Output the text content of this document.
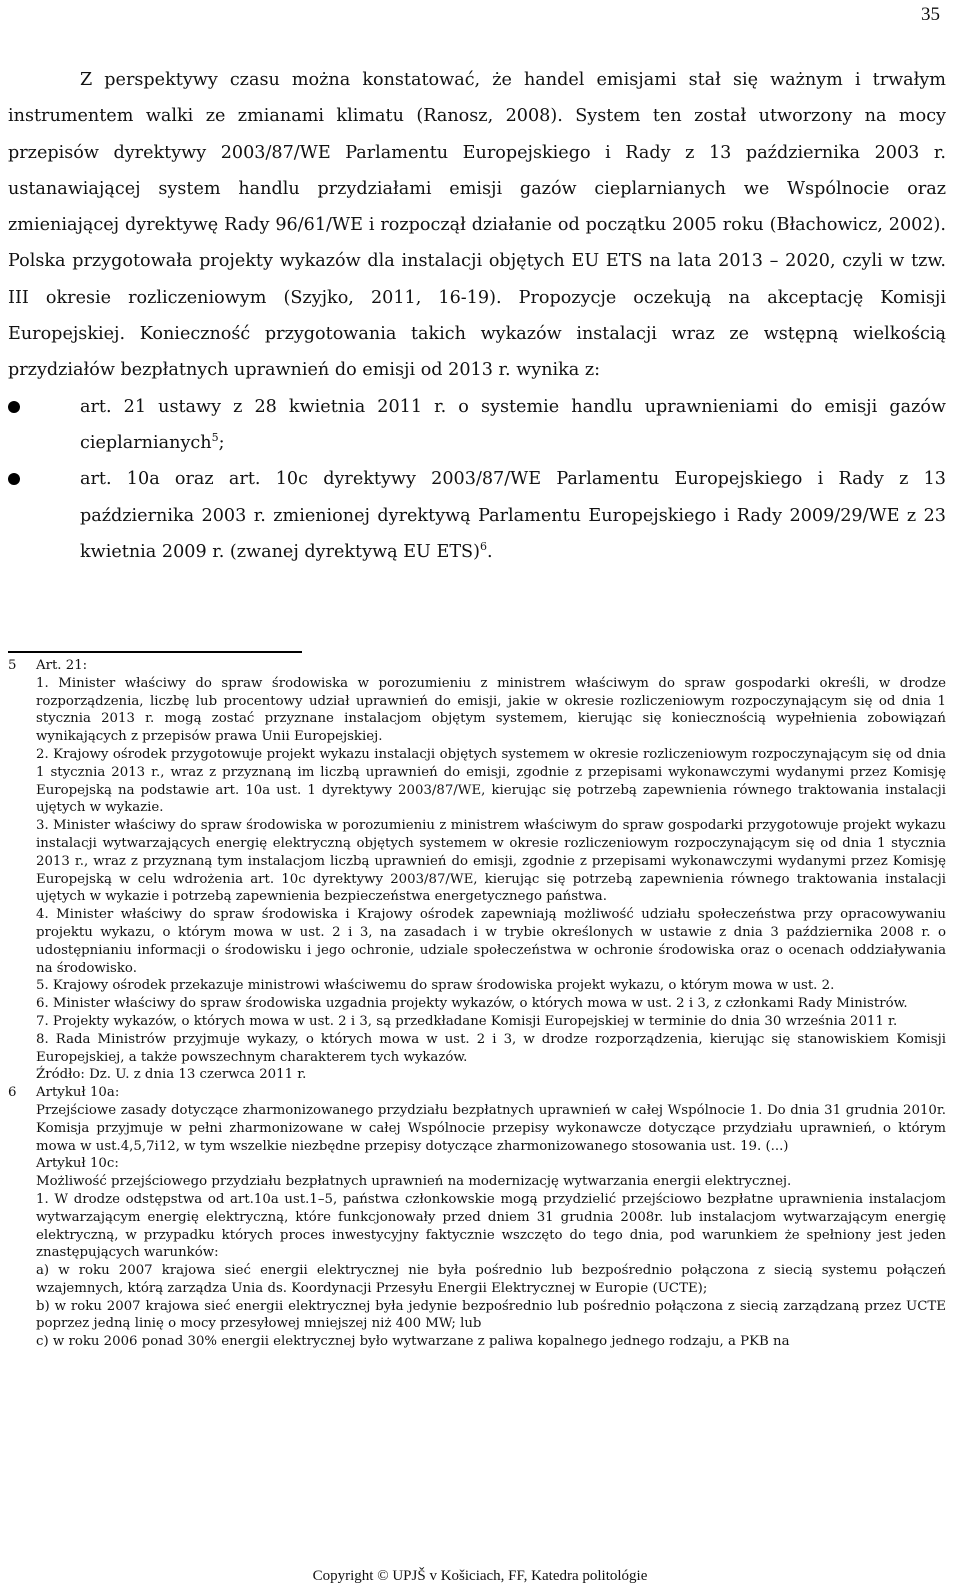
35

Z perspektywy czasu można konstatować, że handel emisjami stał się ważnym i trwałym instrumentem walki ze zmianami klimatu (Ranosz, 2008). System ten został utworzony na mocy przepisów dyrektywy 2003/87/WE Parlamentu Europejskiego i Rady z 13 października 2003 r. ustanawiającej system handlu przydziałami emisji gazów cieplarnianych we Wspólnocie oraz zmieniającej dyrektywę Rady 96/61/WE i rozpoczął działanie od początku 2005 roku (Błachowicz, 2002). Polska przygotowała projekty wykazów dla instalacji objętych EU ETS na lata 2013 – 2020, czyli w tzw. III okresie rozliczeniowym (Szyjko, 2011, 16-19). Propozycje oczekują na akceptację Komisji Europejskiej. Konieczność przygotowania takich wykazów instalacji wraz ze wstępną wielkością przydziałów bezpłatnych uprawnień do emisji od 2013 r. wynika z:

art. 21 ustawy z 28 kwietnia 2011 r. o systemie handlu uprawnieniami do emisji gazów cieplarnianych$^5$;
art. 10a oraz art. 10c dyrektywy 2003/87/WE Parlamentu Europejskiego i Rady z 13 października 2003 r. zmienionej dyrektywą Parlamentu Europejskiego i Rady 2009/29/WE z 23 kwietnia 2009 r. (zwanej dyrektywą EU ETS)$^6$.
5 Art. 21:
1. Minister właściwy do spraw środowiska w porozumieniu z ministrem właściwym do spraw gospodarki określi, w drodze rozporządzenia, liczbę lub procentowy udział uprawnień do emisji, jakie w okresie rozliczeniowym rozpoczynającym się od dnia 1 stycznia 2013 r. mogą zostać przyznane instalacjom objętym systemem, kierując się koniecznością wypełnienia zobowiązań wynikających z przepisów prawa Unii Europejskiej.
2. Krajowy ośrodek przygotowuje projekt wykazu instalacji objętych systemem w okresie rozliczeniowym rozpoczynającym się od dnia 1 stycznia 2013 r., wraz z przyznaną im liczbą uprawnień do emisji, zgodnie z przepisami wykonawczymi wydanymi przez Komisję Europejską na podstawie art. 10a ust. 1 dyrektywy 2003/87/WE, kierując się potrzebą zapewnienia równego traktowania instalacji ujętych w wykazie.
3. Minister właściwy do spraw środowiska w porozumieniu z ministrem właściwym do spraw gospodarki przygotowuje projekt wykazu instalacji wytwarzających energię elektryczną objętych systemem w okresie rozliczeniowym rozpoczynającym się od dnia 1 stycznia 2013 r., wraz z przyznaną tym instalacjom liczbą uprawnień do emisji, zgodnie z przepisami wykonawczymi wydanymi przez Komisję Europejską w celu wdrożenia art. 10c dyrektywy 2003/87/WE, kierując się potrzebą zapewnienia równego traktowania instalacji ujętych w wykazie i potrzebą zapewnienia bezpieczeństwa energetycznego państwa.
4. Minister właściwy do spraw środowiska i Krajowy ośrodek zapewniają możliwość udziału społeczeństwa przy opracowywaniu projektu wykazu, o którym mowa w ust. 2 i 3, na zasadach i w trybie określonych w ustawie z dnia 3 października 2008 r. o udostępnianiu informacji o środowisku i jego ochronie, udziale społeczeństwa w ochronie środowiska oraz o ocenach oddziaływania na środowisko.
5. Krajowy ośrodek przekazuje ministrowi właściwemu do spraw środowiska projekt wykazu, o którym mowa w ust. 2.
6. Minister właściwy do spraw środowiska uzgadnia projekty wykazów, o których mowa w ust. 2 i 3, z członkami Rady Ministrów.
7. Projekty wykazów, o których mowa w ust. 2 i 3, są przedkładane Komisji Europejskiej w terminie do dnia 30 września 2011 r.
8. Rada Ministrów przyjmuje wykazy, o których mowa w ust. 2 i 3, w drodze rozporządzenia, kierując się stanowiskiem Komisji Europejskiej, a także powszechnym charakterem tych wykazów.
Źródło: Dz. U. z dnia 13 czerwca 2011 r.
6 Artykuł 10a:
Przejściowe zasady dotyczące zharmonizowanego przydziału bezpłatnych uprawnień w całej Wspólnocie 1. Do dnia 31 grudnia 2010r. Komisja przyjmuje w pełni zharmonizowane w całej Wspólnocie przepisy wykonawcze dotyczące przydziału uprawnień, o którym mowa w ust.4,5,7i12, w tym wszelkie niezbędne przepisy dotyczące zharmonizowanego stosowania ust. 19. (...)
Artykuł 10c:
Możliwość przejściowego przydziału bezpłatnych uprawnień na modernizację wytwarzania energii elektrycznej.
1. W drodze odstępstwa od art.10a ust.1–5, państwa członkowskie mogą przydzielić przejściowo bezpłatne uprawnienia instalacjom wytwarzającym energię elektryczną, które funkcjonowały przed dniem 31 grudnia 2008r. lub instalacjom wytwarzającym energię elektryczną, w przypadku których proces inwestycyjny faktycznie wszczęto do tego dnia, pod warunkiem że spełniony jest jeden znastępujących warunków:
a) w roku 2007 krajowa sieć energii elektrycznej nie była pośrednio lub bezpośrednio połączona z siecią systemu połączeń wzajemnych, którą zarządza Unia ds. Koordynacji Przesyłu Energii Elektrycznej w Europie (UCTE);
b) w roku 2007 krajowa sieć energii elektrycznej była jedynie bezpośrednio lub pośrednio połączona z siecią zarządzaną przez UCTE poprzez jedną linię o mocy przesyłowej mniejszej niż 400 MW; lub
c) w roku 2006 ponad 30% energii elektrycznej było wytwarzane z paliwa kopalnego jednego rodzaju, a PKB na
Copyright © UPJŠ v Košiciach, FF, Katedra politológie
